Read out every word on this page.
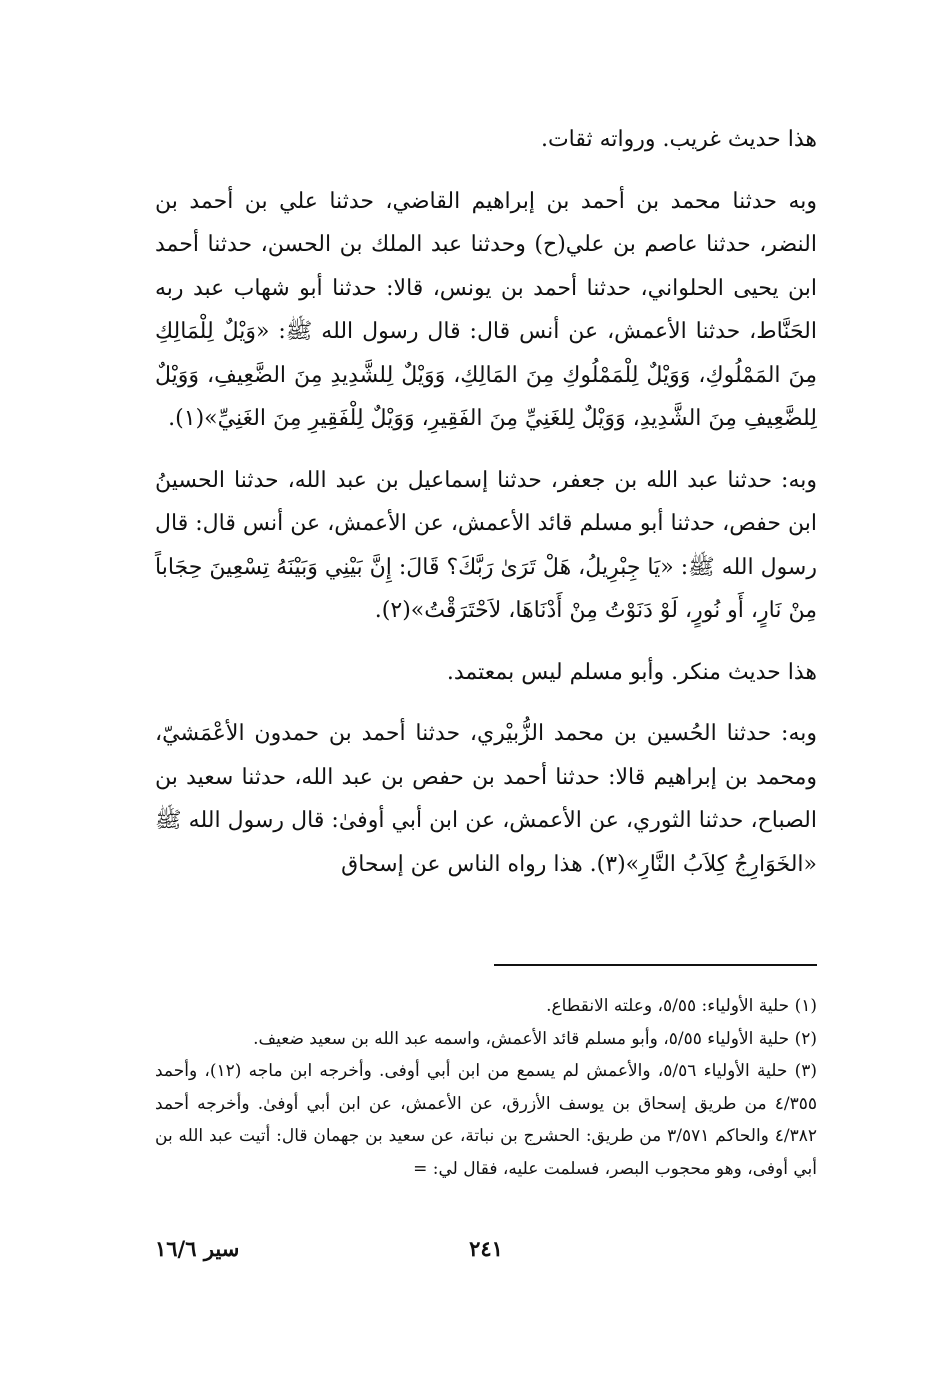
هذا حديث غريب. ورواته ثقات.

وبه حدثنا محمد بن أحمد بن إبراهيم القاضي، حدثنا علي بن أحمد بن النضر، حدثنا عاصم بن علي(ح) وحدثنا عبد الملك بن الحسن، حدثنا أحمد ابن يحيى الحلواني، حدثنا أحمد بن يونس، قالا: حدثنا أبو شهاب عبد ربه الحَنَّاط، حدثنا الأعمش، عن أنس قال: قال رسول الله ﷺ: «وَيْلٌ لِلْمَالِكِ مِنَ المَمْلُوكِ، وَوَيْلٌ لِلْمَمْلُوكِ مِنَ المَالِكِ، وَوَيْلٌ لِلشَّدِيدِ مِنَ الضَّعِيفِ، وَوَيْلٌ لِلضَّعِيفِ مِنَ الشَّدِيدِ، وَوَيْلٌ لِلغَنِيِّ مِنَ الفَقِيرِ، وَوَيْلٌ لِلْفَقِيرِ مِنَ الغَنِيِّ»(١).

وبه: حدثنا عبد الله بن جعفر، حدثنا إسماعيل بن عبد الله، حدثنا الحسينُ ابن حفص، حدثنا أبو مسلم قائد الأعمش، عن الأعمش، عن أنس قال: قال رسول الله ﷺ: «يَا جِبْرِيلُ، هَلْ تَرَىٰ رَبَّكَ؟ قَالَ: إِنَّ بَيْنِي وَبَيْنَهُ تِسْعِينَ حِجَاباً مِنْ نَارٍ، أَو نُورٍ، لَوْ دَنَوْتُ مِنْ أَدْنَاهَا، لاَحْتَرَقْتُ»(٢).

هذا حديث منكر. وأبو مسلم ليس بمعتمد.

وبه: حدثنا الحُسين بن محمد الزُّبيْري، حدثنا أحمد بن حمدون الأعْمَشيّ، ومحمد بن إبراهيم قالا: حدثنا أحمد بن حفص بن عبد الله، حدثنا سعيد بن الصباح، حدثنا الثوري، عن الأعمش، عن ابن أبي أوفىٰ: قال رسول الله ﷺ «الخَوَارِجُ كِلاَبُ النَّارِ»(٣). هذا رواه الناس عن إسحاق

(١) حلية الأولياء: ٥/٥٥، وعلته الانقطاع.

(٢) حلية الأولياء ٥/٥٥، وأبو مسلم قائد الأعمش، واسمه عبد الله بن سعيد ضعيف.

(٣) حلية الأولياء ٥/٥٦، والأعمش لم يسمع من ابن أبي أوفى. وأخرجه ابن ماجه (١٢)، وأحمد ٤/٣٥٥ من طريق إسحاق بن يوسف الأزرق، عن الأعمش، عن ابن أبي أوفىٰ. وأخرجه أحمد ٤/٣٨٢ والحاكم ٣/٥٧١ من طريق: الحشرج بن نباتة، عن سعيد بن جهمان قال: أتيت عبد الله بن أبي أوفى، وهو محجوب البصر، فسلمت عليه، فقال لي: =

٢٤١
سير ١٦/٦
